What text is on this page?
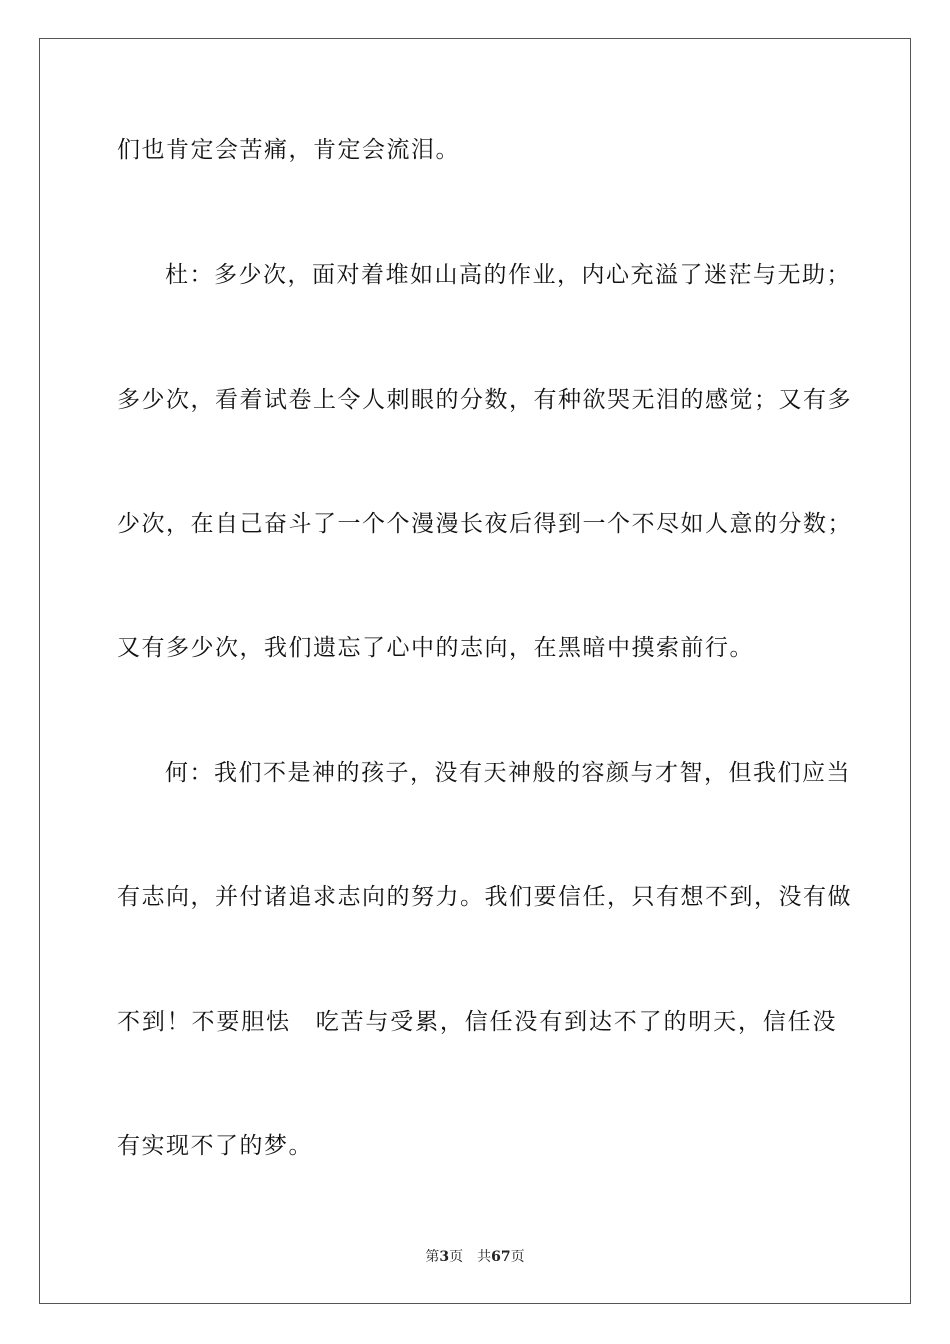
们也肯定会苦痛，肯定会流泪。
杜：多少次，面对着堆如山高的作业，内心充溢了迷茫与无助；
多少次，看着试卷上令人刺眼的分数，有种欲哭无泪的感觉；又有多
少次，在自己奋斗了一个个漫漫长夜后得到一个不尽如人意的分数；
又有多少次，我们遗忘了心中的志向，在黑暗中摸索前行。
何：我们不是神的孩子，没有天神般的容颜与才智，但我们应当
有志向，并付诸追求志向的努力。我们要信任，只有想不到，没有做
不到！不要胆怯　吃苦与受累，信任没有到达不了的明天，信任没
有实现不了的梦。
第3页　共67页
